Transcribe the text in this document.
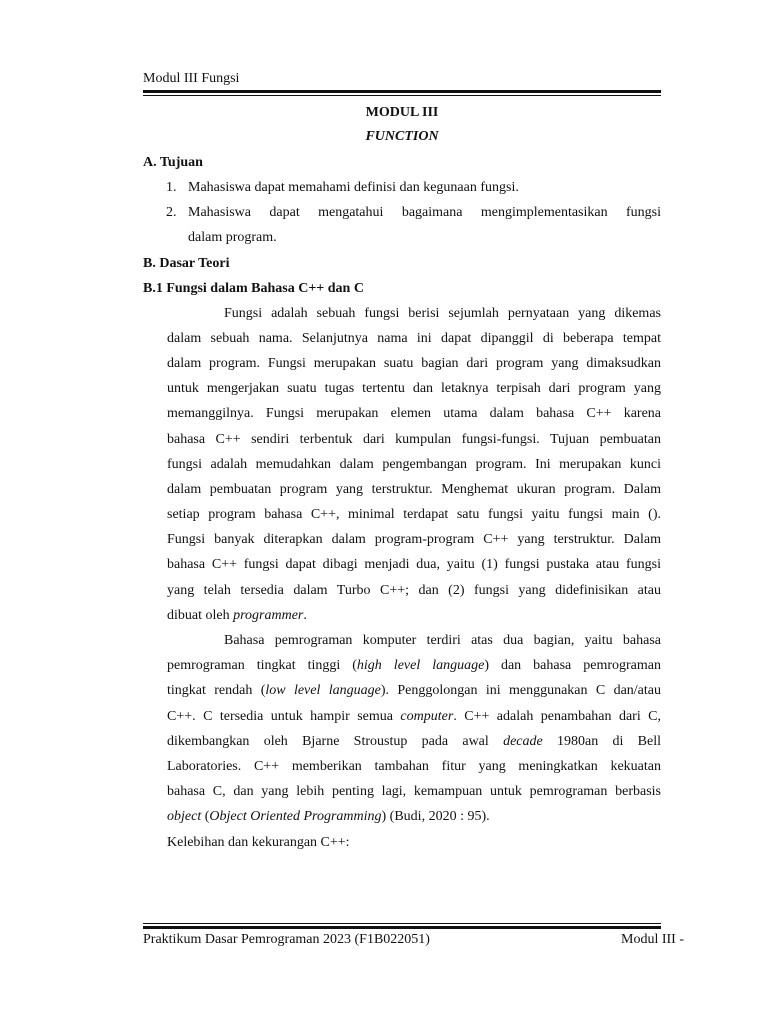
Modul III Fungsi
MODUL III
FUNCTION
A. Tujuan
1. Mahasiswa dapat memahami definisi dan kegunaan fungsi.
2. Mahasiswa dapat mengatahui bagaimana mengimplementasikan fungsi
dalam program.
B. Dasar Teori
B.1 Fungsi dalam Bahasa C++ dan C
Fungsi adalah sebuah fungsi berisi sejumlah pernyataan yang dikemas
dalam sebuah nama. Selanjutnya nama ini dapat dipanggil di beberapa tempat
dalam program. Fungsi merupakan suatu bagian dari program yang dimaksudkan
untuk mengerjakan suatu tugas tertentu dan letaknya terpisah dari program yang
memanggilnya. Fungsi merupakan elemen utama dalam bahasa C++ karena
bahasa C++ sendiri terbentuk dari kumpulan fungsi-fungsi. Tujuan pembuatan
fungsi adalah memudahkan dalam pengembangan program. Ini merupakan kunci
dalam pembuatan program yang terstruktur. Menghemat ukuran program. Dalam
setiap program bahasa C++, minimal terdapat satu fungsi yaitu fungsi main ().
Fungsi banyak diterapkan dalam program-program C++ yang terstruktur. Dalam
bahasa C++ fungsi dapat dibagi menjadi dua, yaitu (1) fungsi pustaka atau fungsi
yang telah tersedia dalam Turbo C++; dan (2) fungsi yang didefinisikan atau
dibuat oleh programmer.
Bahasa pemrograman komputer terdiri atas dua bagian, yaitu bahasa
pemrograman tingkat tinggi (high level language) dan bahasa pemrograman
tingkat rendah (low level language). Penggolongan ini menggunakan C dan/atau
C++. C tersedia untuk hampir semua computer. C++ adalah penambahan dari C,
dikembangkan oleh Bjarne Stroustup pada awal decade 1980an di Bell
Laboratories. C++ memberikan tambahan fitur yang meningkatkan kekuatan
bahasa C, dan yang lebih penting lagi, kemampuan untuk pemrograman berbasis
object (Object Oriented Programming) (Budi, 2020 : 95).
Kelebihan dan kekurangan C++:
Praktikum Dasar Pemrograman 2023 (F1B022051)	Modul III -
